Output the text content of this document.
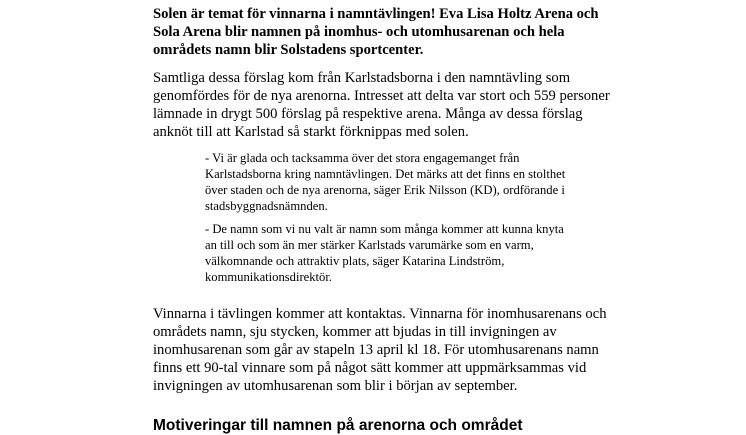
Solen är temat för vinnarna i namntävlingen! Eva Lisa Holtz Arena och Sola Arena blir namnen på inomhus- och utomhusarenan och hela områdets namn blir Solstadens sportcenter.

Samtliga dessa förslag kom från Karlstadsborna i den namntävling som genomfördes för de nya arenorna. Intresset att delta var stort och 559 personer lämnade in drygt 500 förslag på respektive arena. Många av dessa förslag anknöt till att Karlstad så starkt förknippas med solen.

- Vi är glada och tacksamma över det stora engagemanget från Karlstadsborna kring namntävlingen. Det märks att det finns en stolthet över staden och de nya arenorna, säger Erik Nilsson (KD), ordförande i stadsbyggnadsnämnden.

- De namn som vi nu valt är namn som många kommer att kunna knyta an till och som än mer stärker Karlstads varumärke som en varm, välkomnande och attraktiv plats, säger Katarina Lindström, kommunikationsdirektör.

Vinnarna i tävlingen kommer att kontaktas. Vinnarna för inomhusarenans och områdets namn, sju stycken, kommer att bjudas in till invigningen av inomhusarenan som går av stapeln 13 april kl 18. För utomhusarenans namn finns ett 90-tal vinnare som på något sätt kommer att uppmärksammas vid invigningen av utomhusarenan som blir i början av september.

Motiveringar till namnen på arenorna och området
